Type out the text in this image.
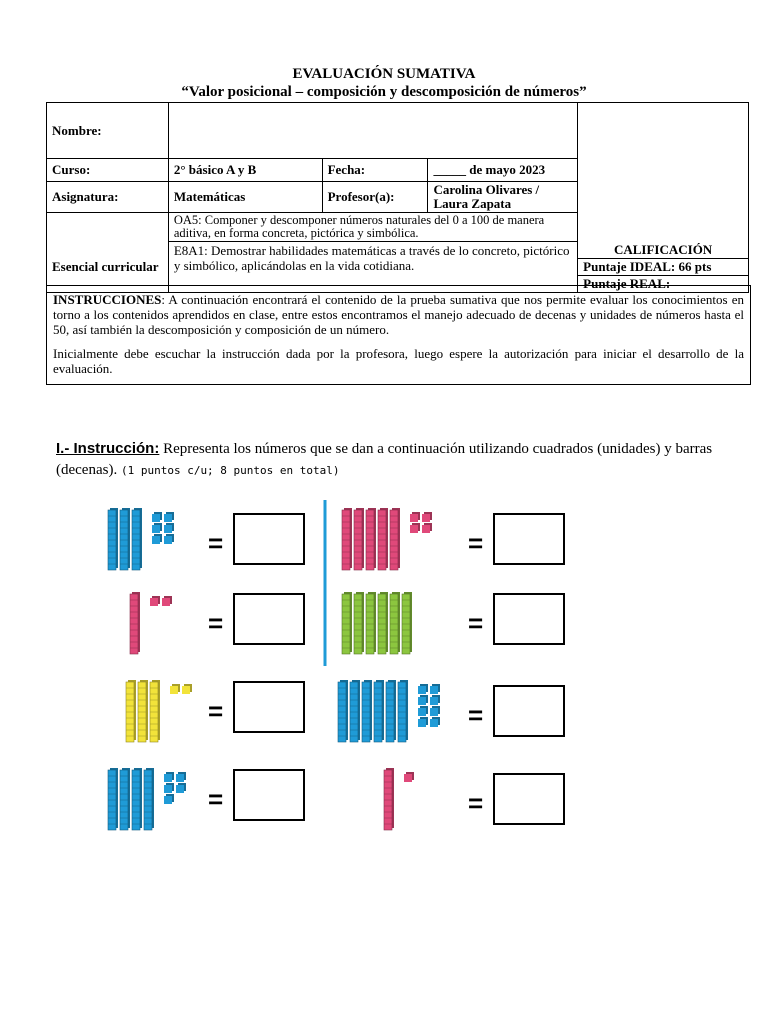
EVALUACIÓN SUMATIVA
“Valor posicional – composición y descomposición de números”
Nombre:				
Curso:	2° básico A y B	Fecha:	_____ de mayo 2023	
Asignatura:	Matemáticas	Profesor(a):	Carolina Olivares / Laura Zapata	
	OA5: Componer y descomponer números naturales del 0 a 100 de manera aditiva, en forma concreta, pictórica y simbólica.			
Esencial curricular	E8A1: Demostrar habilidades matemáticas a través de lo concreto, pictórico y simbólico, aplicándolas en la vida cotidiana.			CALIFICACIÓN
				Puntaje IDEAL: 66 pts
				Puntaje REAL:

INSTRUCCIONES: A continuación encontrará el contenido de la prueba sumativa que nos permite evaluar los conocimientos en torno a los contenidos aprendidos en clase, entre estos encontramos el manejo adecuado de decenas y unidades de números hasta el 50, así también la descomposición y composición de un número.

Inicialmente debe escuchar la instrucción dada por la profesora, luego espere la autorización para iniciar el desarrollo de la evaluación.

I.- Instrucción: Representa los números que se dan a continuación utilizando cuadrados (unidades) y barras (decenas). (1 puntos c/u; 8 puntos en total)
=	=
=	=
=	=
=	=
